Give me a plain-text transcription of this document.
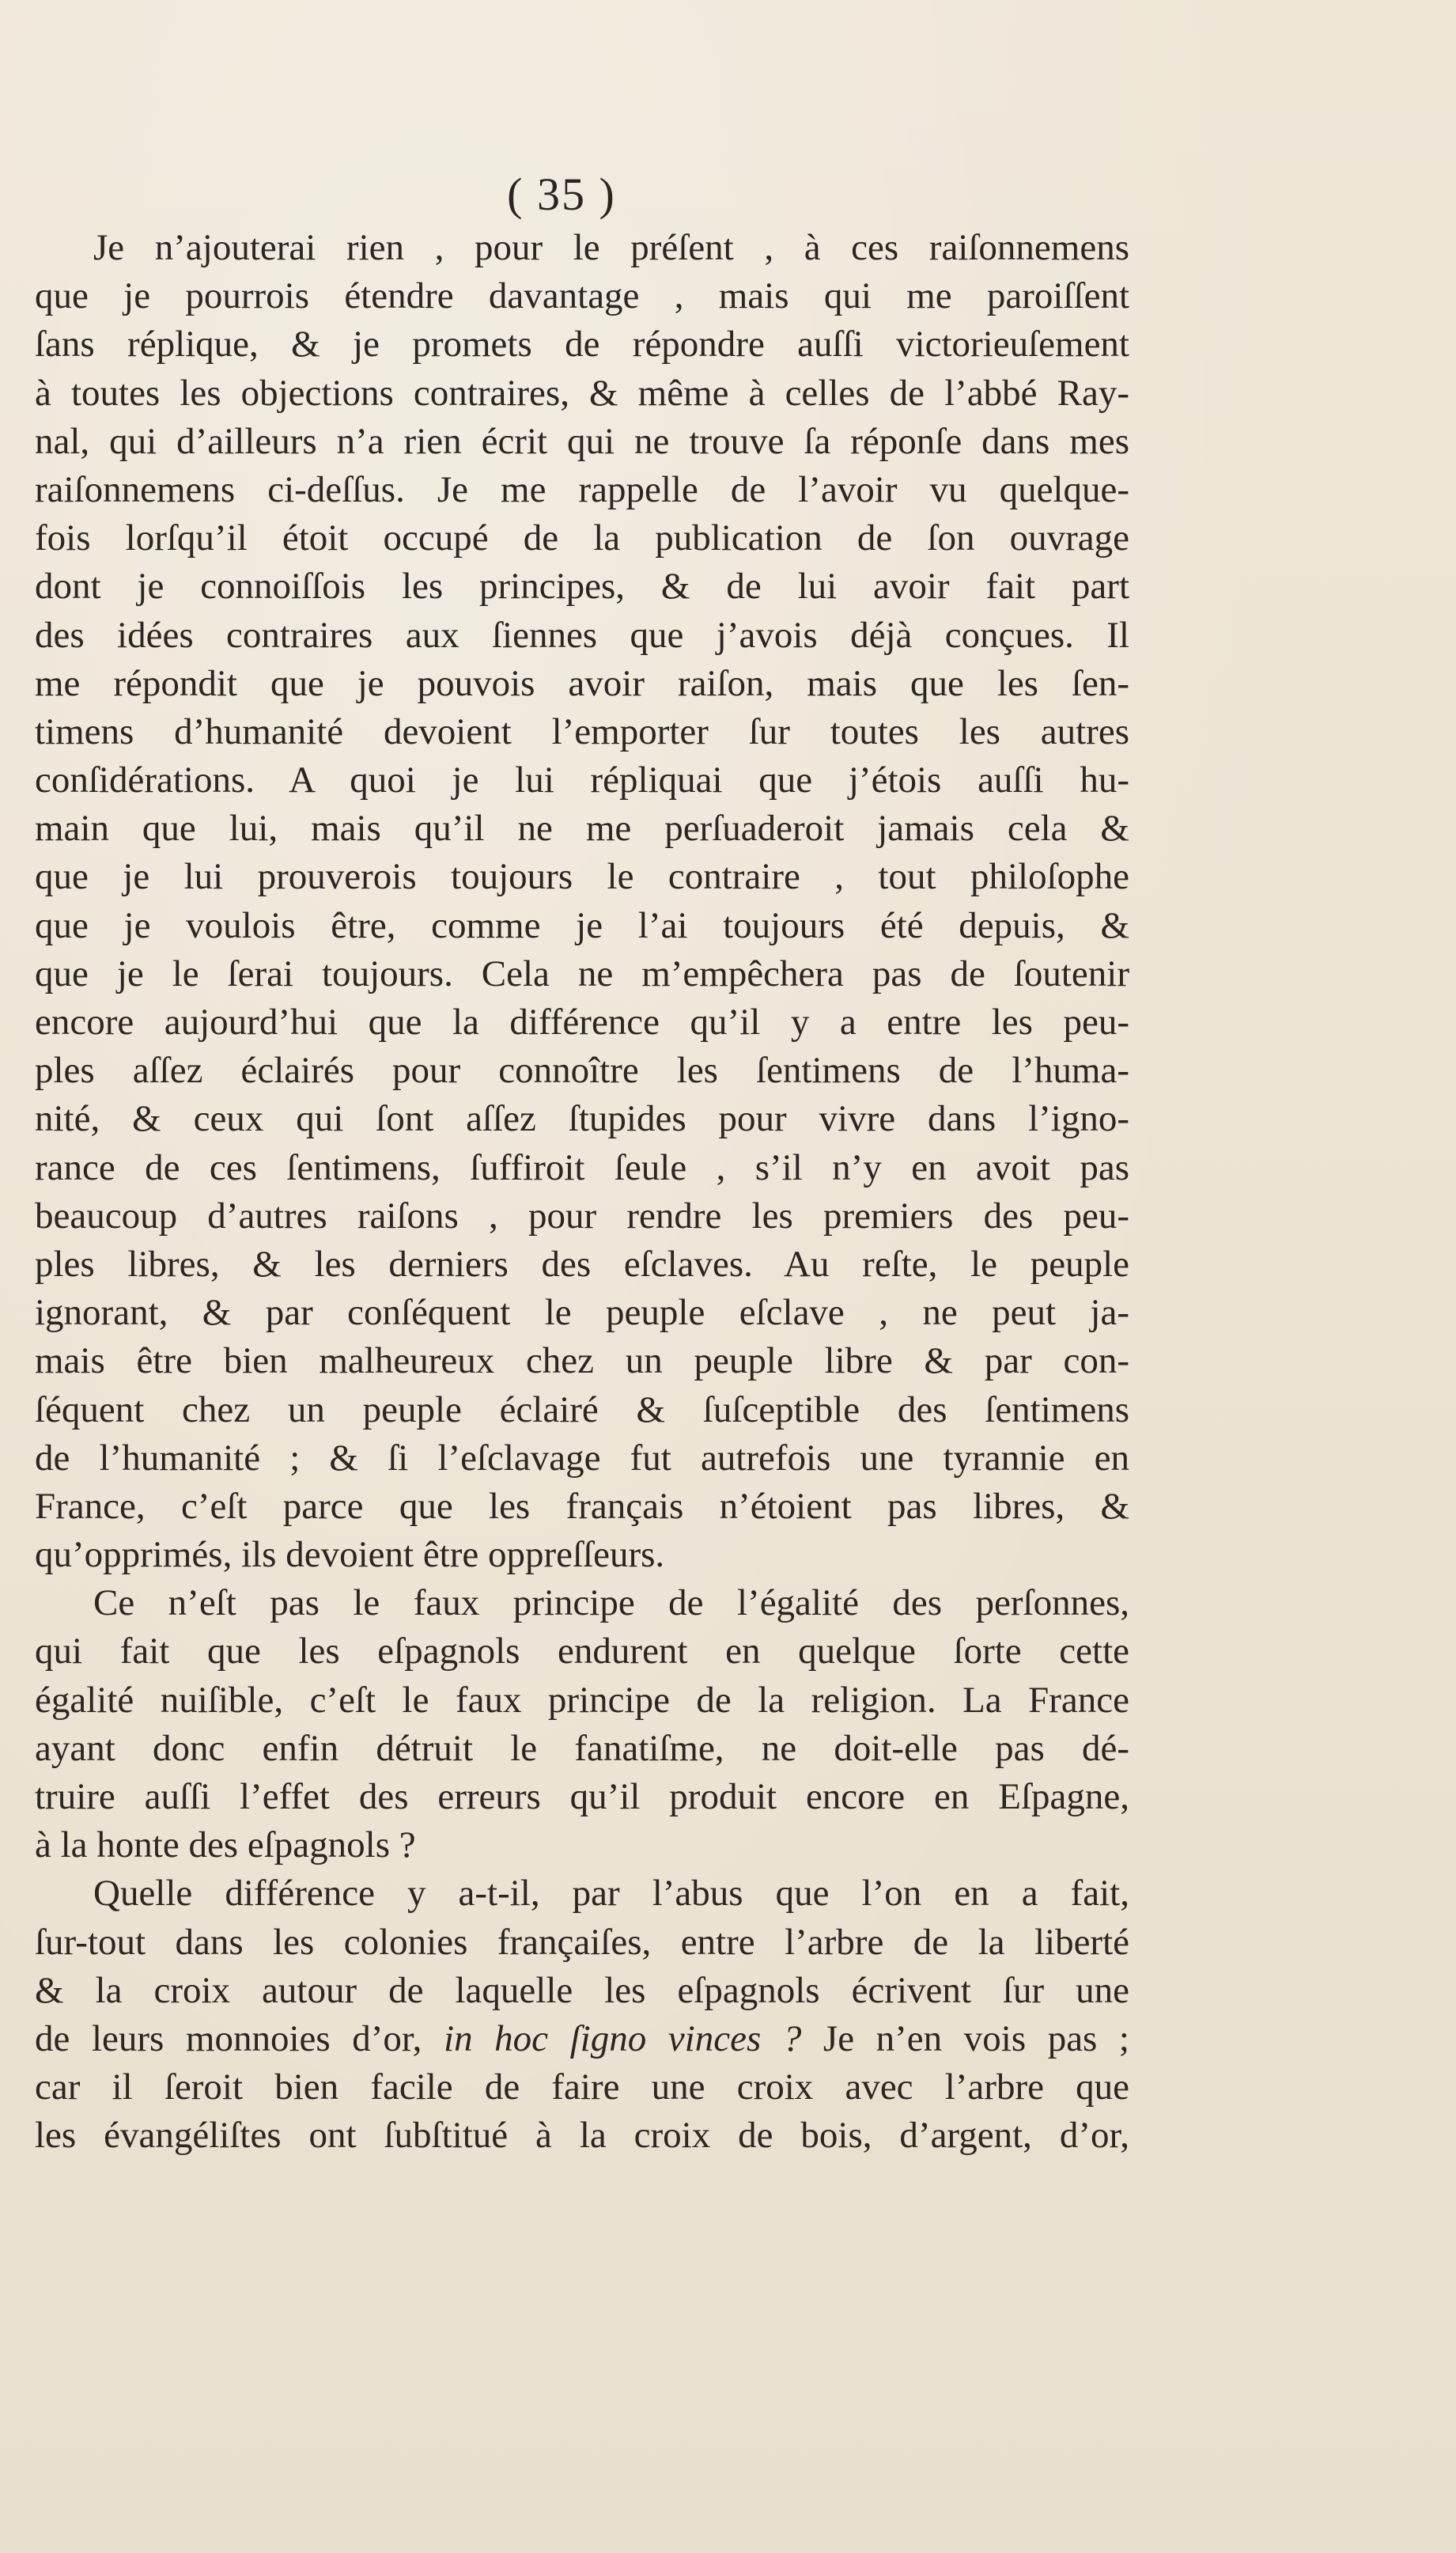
( 35 )
Je n’ajouterai rien , pour le préſent , à ces raiſonnemens
que je pourrois étendre davantage , mais qui me paroiſſent
ſans réplique, & je promets de répondre auſſi victorieuſement
à toutes les objections contraires, & même à celles de l’abbé Ray-
nal, qui d’ailleurs n’a rien écrit qui ne trouve ſa réponſe dans mes
raiſonnemens ci-deſſus. Je me rappelle de l’avoir vu quelque-
fois lorſqu’il étoit occupé de la publication de ſon ouvrage
dont je connoiſſois les principes, & de lui avoir fait part
des idées contraires aux ſiennes que j’avois déjà conçues. Il
me répondit que je pouvois avoir raiſon, mais que les ſen-
timens d’humanité devoient l’emporter ſur toutes les autres
conſidérations. A quoi je lui répliquai que j’étois auſſi hu-
main que lui, mais qu’il ne me perſuaderoit jamais cela &
que je lui prouverois toujours le contraire , tout philoſophe
que je voulois être, comme je l’ai toujours été depuis, &
que je le ſerai toujours. Cela ne m’empêchera pas de ſoutenir
encore aujourd’hui que la différence qu’il y a entre les peu-
ples aſſez éclairés pour connoître les ſentimens de l’huma-
nité, & ceux qui ſont aſſez ſtupides pour vivre dans l’igno-
rance de ces ſentimens, ſuffiroit ſeule , s’il n’y en avoit pas
beaucoup d’autres raiſons , pour rendre les premiers des peu-
ples libres, & les derniers des eſclaves. Au reſte, le peuple
ignorant, & par conſéquent le peuple eſclave , ne peut ja-
mais être bien malheureux chez un peuple libre & par con-
ſéquent chez un peuple éclairé & ſuſceptible des ſentimens
de l’humanité ; & ſi l’eſclavage fut autrefois une tyrannie en
France, c’eſt parce que les français n’étoient pas libres, &
qu’opprimés, ils devoient être oppreſſeurs.
Ce n’eſt pas le faux principe de l’égalité des perſonnes,
qui fait que les eſpagnols endurent en quelque ſorte cette
égalité nuiſible, c’eſt le faux principe de la religion. La France
ayant donc enfin détruit le fanatiſme, ne doit-elle pas dé-
truire auſſi l’effet des erreurs qu’il produit encore en Eſpagne,
à la honte des eſpagnols ?
Quelle différence y a-t-il, par l’abus que l’on en a fait,
ſur-tout dans les colonies françaiſes, entre l’arbre de la liberté
& la croix autour de laquelle les eſpagnols écrivent ſur une
de leurs monnoies d’or, in hoc ſigno vinces ? Je n’en vois pas ;
car il ſeroit bien facile de faire une croix avec l’arbre que
les évangéliſtes ont ſubſtitué à la croix de bois, d’argent, d’or,
